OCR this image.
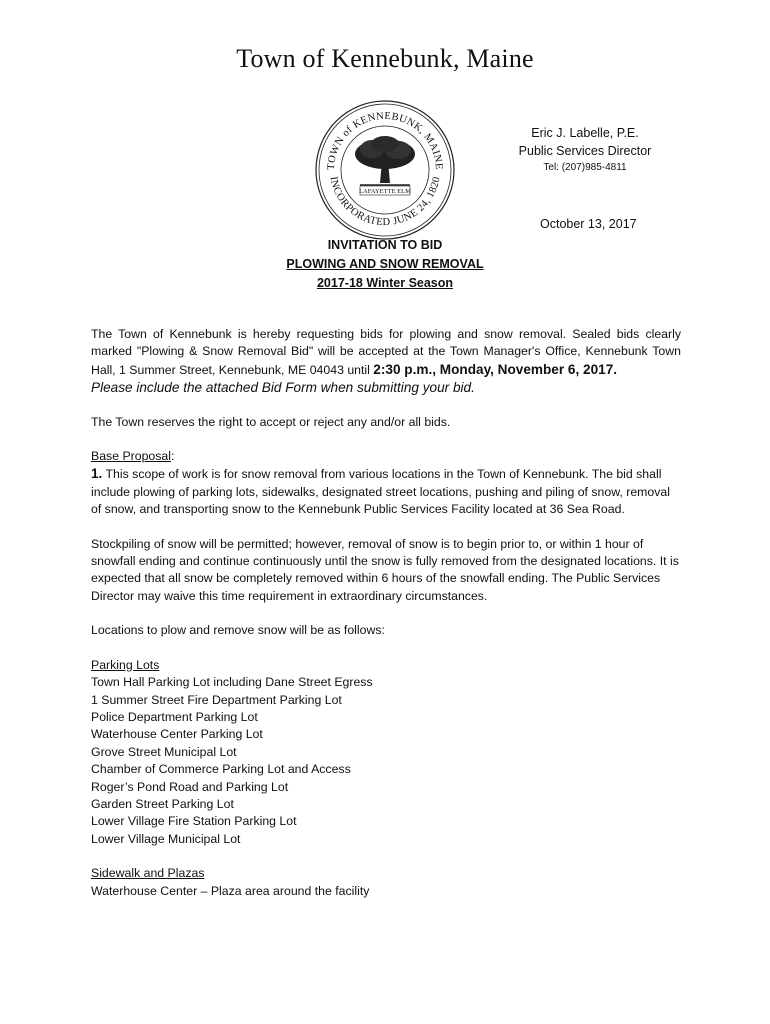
Town of Kennebunk, Maine
TOWN of KENNEBUNK, MAINE
INCORPORATED JUNE 24, 1820
LAFAYETTE ELM
Eric J. Labelle, P.E.
Public Services Director
Tel: (207)985-4811
October 13, 2017
INVITATION TO BID
PLOWING AND SNOW REMOVAL
2017-18 Winter Season

The Town of Kennebunk is hereby requesting bids for plowing and snow removal. Sealed bids clearly marked "Plowing & Snow Removal Bid" will be accepted at the Town Manager's Office, Kennebunk Town Hall, 1 Summer Street, Kennebunk, ME 04043 until 2:30 p.m., Monday, November 6, 2017.

Please include the attached Bid Form when submitting your bid.

The Town reserves the right to accept or reject any and/or all bids.

Base Proposal:

1. This scope of work is for snow removal from various locations in the Town of Kennebunk. The bid shall include plowing of parking lots, sidewalks, designated street locations, pushing and piling of snow, removal of snow, and transporting snow to the Kennebunk Public Services Facility located at 36 Sea Road.

Stockpiling of snow will be permitted; however, removal of snow is to begin prior to, or within 1 hour of snowfall ending and continue continuously until the snow is fully removed from the designated locations. It is expected that all snow be completely removed within 6 hours of the snowfall ending. The Public Services Director may waive this time requirement in extraordinary circumstances.

Locations to plow and remove snow will be as follows:

Parking Lots

Town Hall Parking Lot including Dane Street Egress
1 Summer Street Fire Department Parking Lot
Police Department Parking Lot
Waterhouse Center Parking Lot
Grove Street Municipal Lot
Chamber of Commerce Parking Lot and Access
Roger’s Pond Road and Parking Lot
Garden Street Parking Lot
Lower Village Fire Station Parking Lot
Lower Village Municipal Lot

Sidewalk and Plazas

Waterhouse Center – Plaza area around the facility
